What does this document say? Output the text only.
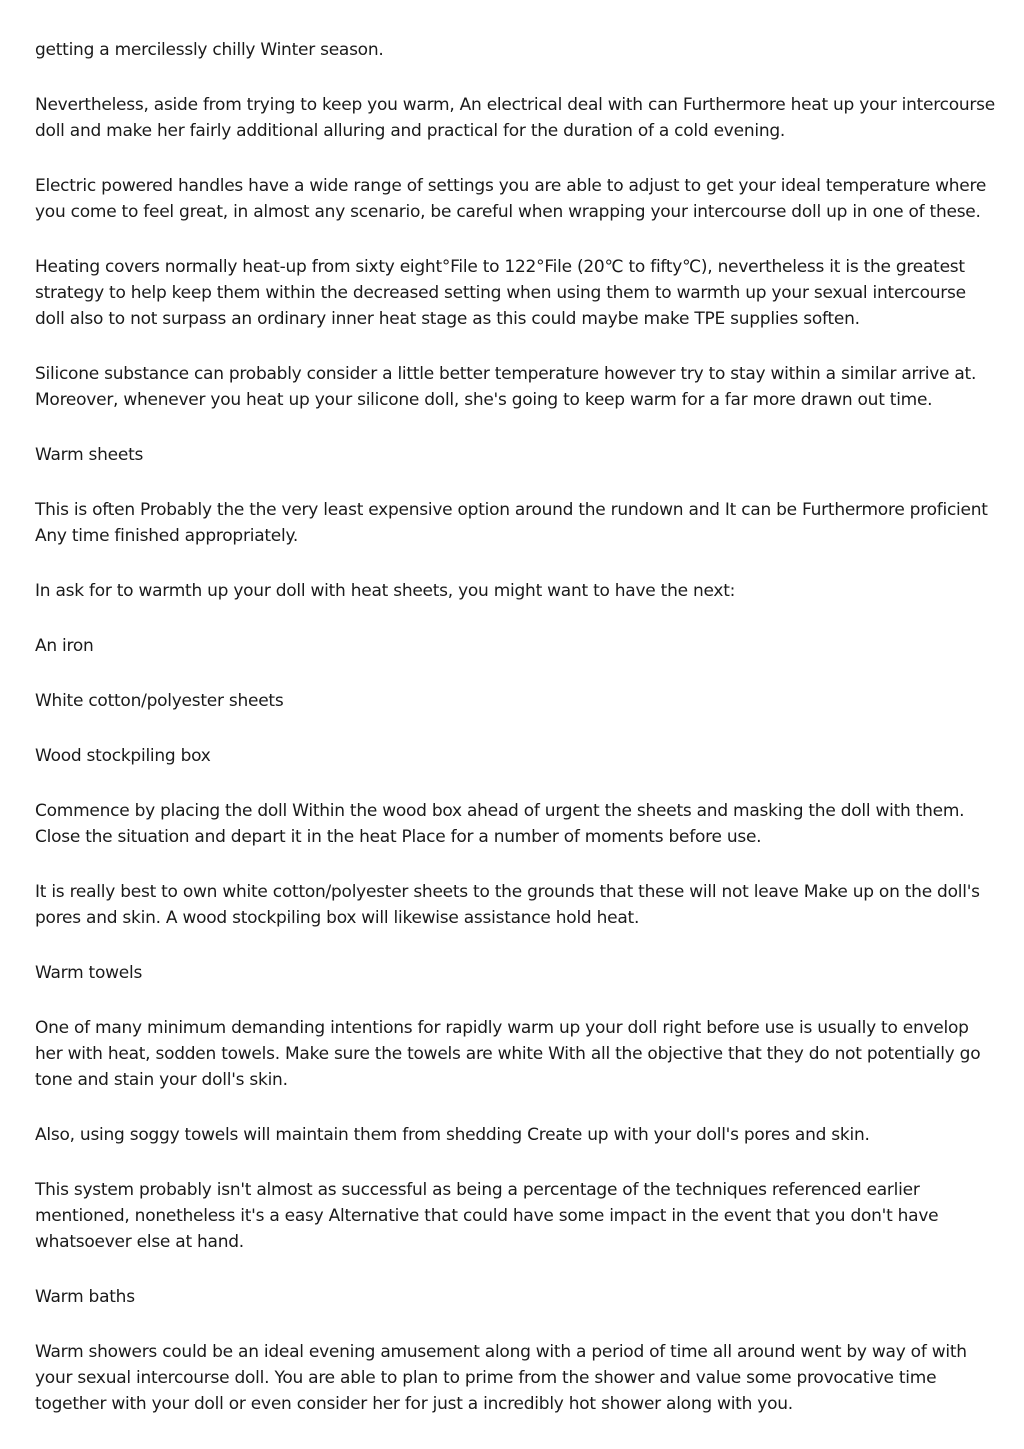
getting a mercilessly chilly Winter season.

Nevertheless, aside from trying to keep you warm, An electrical deal with can Furthermore heat up your intercourse doll and make her fairly additional alluring and practical for the duration of a cold evening.

Electric powered handles have a wide range of settings you are able to adjust to get your ideal temperature where you come to feel great, in almost any scenario, be careful when wrapping your intercourse doll up in one of these.

Heating covers normally heat-up from sixty eight°File to 122°File (20℃ to fifty℃), nevertheless it is the greatest strategy to help keep them within the decreased setting when using them to warmth up your sexual intercourse doll also to not surpass an ordinary inner heat stage as this could maybe make TPE supplies soften.

Silicone substance can probably consider a little better temperature however try to stay within a similar arrive at. Moreover, whenever you heat up your silicone doll, she's going to keep warm for a far more drawn out time.

Warm sheets

This is often Probably the the very least expensive option around the rundown and It can be Furthermore proficient Any time finished appropriately.

In ask for to warmth up your doll with heat sheets, you might want to have the next:

An iron

White cotton/polyester sheets

Wood stockpiling box

Commence by placing the doll Within the wood box ahead of urgent the sheets and masking the doll with them. Close the situation and depart it in the heat Place for a number of moments before use.

It is really best to own white cotton/polyester sheets to the grounds that these will not leave Make up on the doll's pores and skin. A wood stockpiling box will likewise assistance hold heat.

Warm towels

One of many minimum demanding intentions for rapidly warm up your doll right before use is usually to envelop her with heat, sodden towels. Make sure the towels are white With all the objective that they do not potentially go tone and stain your doll's skin.

Also, using soggy towels will maintain them from shedding Create up with your doll's pores and skin.

This system probably isn't almost as successful as being a percentage of the techniques referenced earlier mentioned, nonetheless it's a easy Alternative that could have some impact in the event that you don't have whatsoever else at hand.

Warm baths

Warm showers could be an ideal evening amusement along with a period of time all around went by way of with your sexual intercourse doll. You are able to plan to prime from the shower and value some provocative time together with your doll or even consider her for just a incredibly hot shower along with you.
